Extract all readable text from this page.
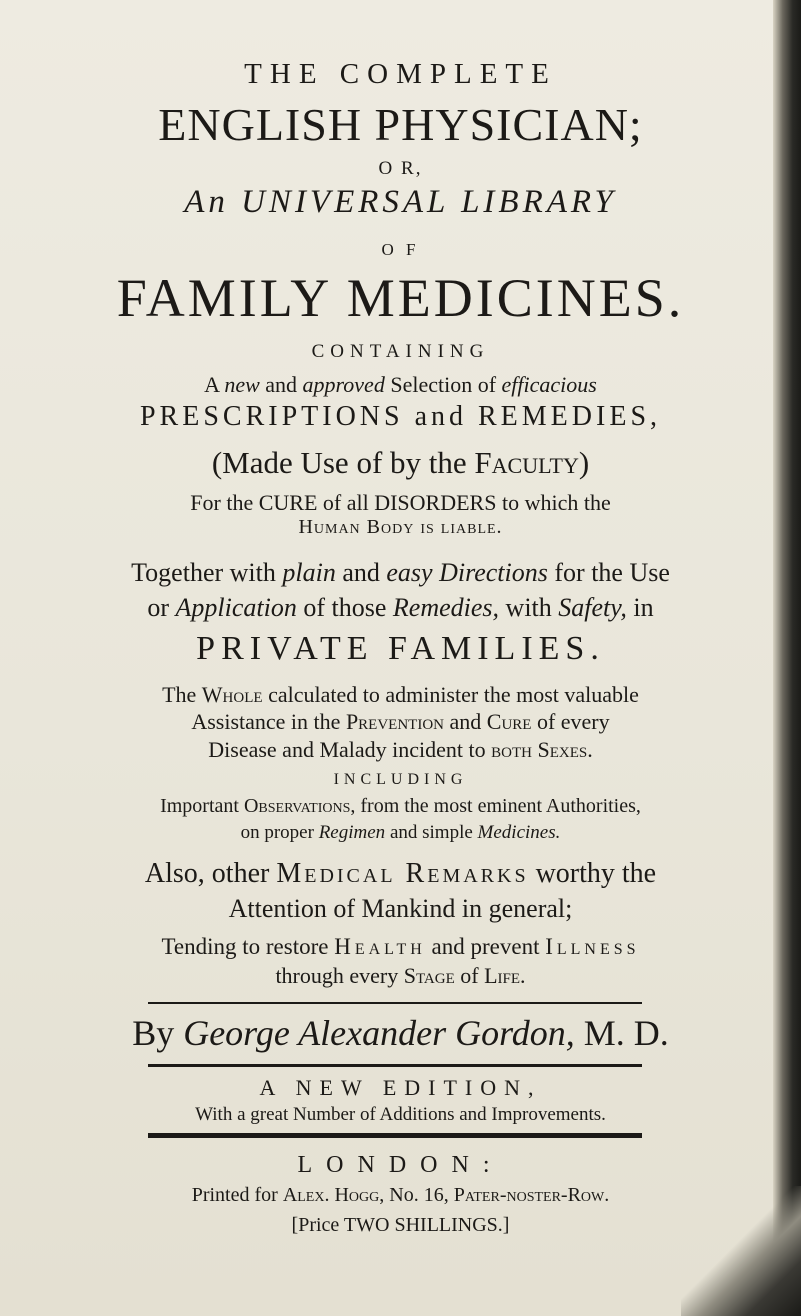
THE COMPLETE
ENGLISH PHYSICIAN;
O R,
An UNIVERSAL LIBRARY
O F
FAMILY MEDICINES.
CONTAINING
A new and approved Selection of efficacious
PRESCRIPTIONS and REMEDIES,
(Made Use of by the Faculty)
For the CURE of all DISORDERS to which the
Human Body is liable.
Together with plain and easy Directions for the Use
or Application of those Remedies, with Safety, in
PRIVATE FAMILIES.
The Whole calculated to administer the most valuable
Assistance in the Prevention and Cure of every
Disease and Malady incident to both Sexes.
INCLUDING
Important Observations, from the most eminent Authorities,
on proper Regimen and simple Medicines.
Also, other Medical Remarks worthy the
Attention of Mankind in general;
Tending to restore Health and prevent Illness
through every Stage of Life.
By George Alexander Gordon, M. D.
A NEW EDITION,
With a great Number of Additions and Improvements.
LONDON:
Printed for Alex. Hogg, No. 16, Pater-noster-Row.
[Price TWO SHILLINGS.]
